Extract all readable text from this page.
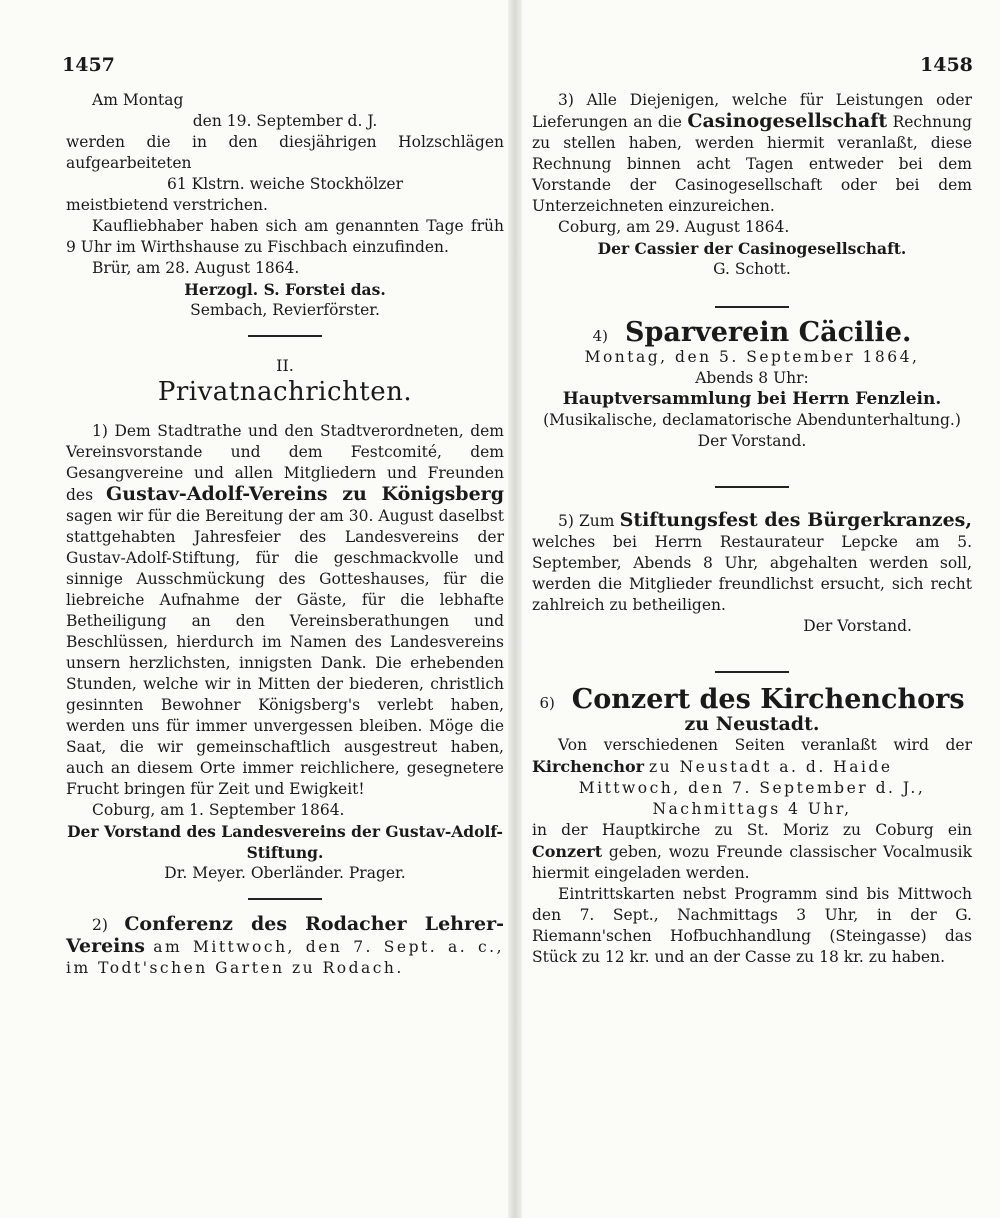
1457	1458

Am Montag

den 19. September d. J.

werden die in den diesjährigen Holzschlägen aufgearbeiteten

61 Klstrn. weiche Stockhölzer

meistbietend verstrichen.

Kaufliebhaber haben sich am genannten Tage früh 9 Uhr im Wirthshause zu Fischbach einzufinden.

Brür, am 28. August 1864.

Herzogl. S. Forstei das.

Sembach, Revierförster.

II.
Privatnachrichten.

1) Dem Stadtrathe und den Stadtverordneten, dem Vereinsvorstande und dem Festcomité, dem Gesangvereine und allen Mitgliedern und Freunden des Gustav-Adolf-Vereins zu Königsberg sagen wir für die Bereitung der am 30. August daselbst stattgehabten Jahresfeier des Landesvereins der Gustav-Adolf-Stiftung, für die geschmackvolle und sinnige Ausschmückung des Gotteshauses, für die liebreiche Aufnahme der Gäste, für die lebhafte Betheiligung an den Vereinsberathungen und Beschlüssen, hierdurch im Namen des Landesvereins unsern herzlichsten, innigsten Dank. Die erhebenden Stunden, welche wir in Mitten der biederen, christlich gesinnten Bewohner Königsberg's verlebt haben, werden uns für immer unvergessen bleiben. Möge die Saat, die wir gemeinschaftlich ausgestreut haben, auch an diesem Orte immer reichlichere, gesegnetere Frucht bringen für Zeit und Ewigkeit!

Coburg, am 1. September 1864.

Der Vorstand des Landesvereins der Gustav-Adolf-Stiftung.

Dr. Meyer. Oberländer. Prager.

2) Conferenz des Rodacher Lehrer-Vereins am Mittwoch, den 7. Sept. a. c., im Todt'schen Garten zu Rodach.

3) Alle Diejenigen, welche für Leistungen oder Lieferungen an die Casinogesellschaft Rechnung zu stellen haben, werden hiermit veranlaßt, diese Rechnung binnen acht Tagen entweder bei dem Vorstande der Casinogesellschaft oder bei dem Unterzeichneten einzureichen.

Coburg, am 29. August 1864.

Der Cassier der Casinogesellschaft.

G. Schott.

4) Sparverein Cäcilie.

Montag, den 5. September 1864,

Abends 8 Uhr:

Hauptversammlung bei Herrn Fenzlein.

(Musikalische, declamatorische Abendunterhaltung.)

Der Vorstand.

5) Zum Stiftungsfest des Bürgerkranzes, welches bei Herrn Restaurateur Lepcke am 5. September, Abends 8 Uhr, abgehalten werden soll, werden die Mitglieder freundlichst ersucht, sich recht zahlreich zu betheiligen.

Der Vorstand.

6) Conzert des Kirchenchors

zu Neustadt.

Von verschiedenen Seiten veranlaßt wird der Kirchenchor zu Neustadt a. d. Haide

Mittwoch, den 7. September d. J.,

Nachmittags 4 Uhr,

in der Hauptkirche zu St. Moriz zu Coburg ein Conzert geben, wozu Freunde classischer Vocalmusik hiermit eingeladen werden.

Eintrittskarten nebst Programm sind bis Mittwoch den 7. Sept., Nachmittags 3 Uhr, in der G. Riemann'schen Hofbuchhandlung (Steingasse) das Stück zu 12 kr. und an der Casse zu 18 kr. zu haben.
